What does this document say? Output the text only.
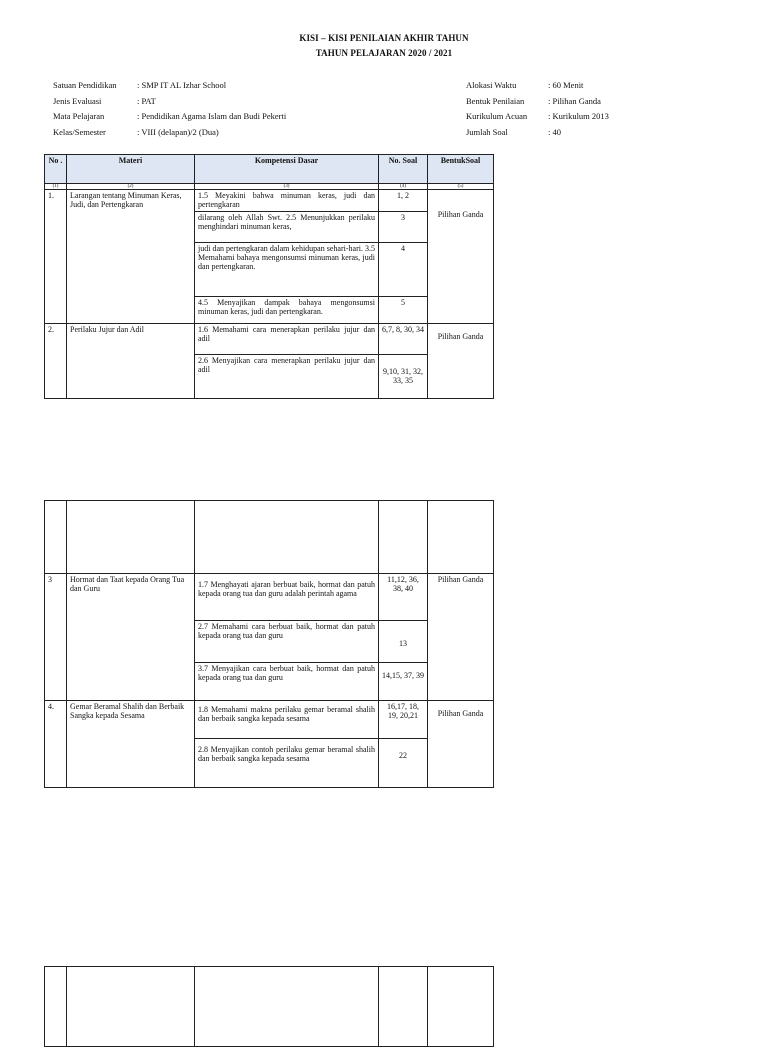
KISI – KISI PENILAIAN AKHIR TAHUN
TAHUN PELAJARAN 2020 / 2021
Satuan Pendidikan : SMP IT AL Izhar School
Jenis Evaluasi	: PAT
Mata Pelajaran	: Pendidikan Agama Islam dan Budi Pekerti
Kelas/Semester	: VIII (delapan)/2 (Dua)
Alokasi Waktu	: 60 Menit
Bentuk Penilaian	: Pilihan Ganda
Kurikulum Acuan : Kurikulum 2013
Jumlah Soal	: 40
No .	Materi	Kompetensi Dasar	No. Soal	BentukSoal
(1)	(2)	(3)	(4)	(5)
1.	Larangan tentang Minuman Keras, Judi, dan Pertengkaran	1.5 Meyakini bahwa minuman keras, judi dan pertengkaran	1, 2	Pilihan Ganda
		dilarang oleh Allah Swt. 2.5 Menunjukkan perilaku menghindari minuman keras,	3	
		judi dan pertengkaran dalam kehidupan sehari-hari. 3.5 Memahami bahaya mengonsumsi minuman keras, judi dan pertengkaran.	4	
		4.5 Menyajikan dampak bahaya mengonsumsi minuman keras, judi dan pertengkaran.	5	
2.	Perilaku Jujur dan Adil	1.6 Memahami cara menerapkan perilaku jujur dan adil	6,7, 8, 30, 34	Pilihan Ganda
		2.6 Menyajikan cara menerapkan perilaku jujur dan adil	9,10, 31, 32, 33, 35	

3	Hormat dan Taat kepada Orang Tua dan Guru	1.7 Menghayati ajaran berbuat baik, hormat dan patuh kepada orang tua dan guru adalah perintah agama	11,12, 36, 38, 40	Pilihan Ganda
		2.7 Memahami cara berbuat baik, hormat dan patuh kepada orang tua dan guru	13	
		3.7 Menyajikan cara berbuat baik, hormat dan patuh kepada orang tua dan guru	14,15, 37, 39	
4.	Gemar Beramal Shalih dan Berbaik Sangka kepada Sesama	1.8 Memahami makna perilaku gemar beramal shalih dan berbaik sangka kepada sesama	16,17, 18, 19, 20,21	Pilihan Ganda
		2.8 Menyajikan contoh perilaku gemar beramal shalih dan berbaik sangka kepada sesama	22	
